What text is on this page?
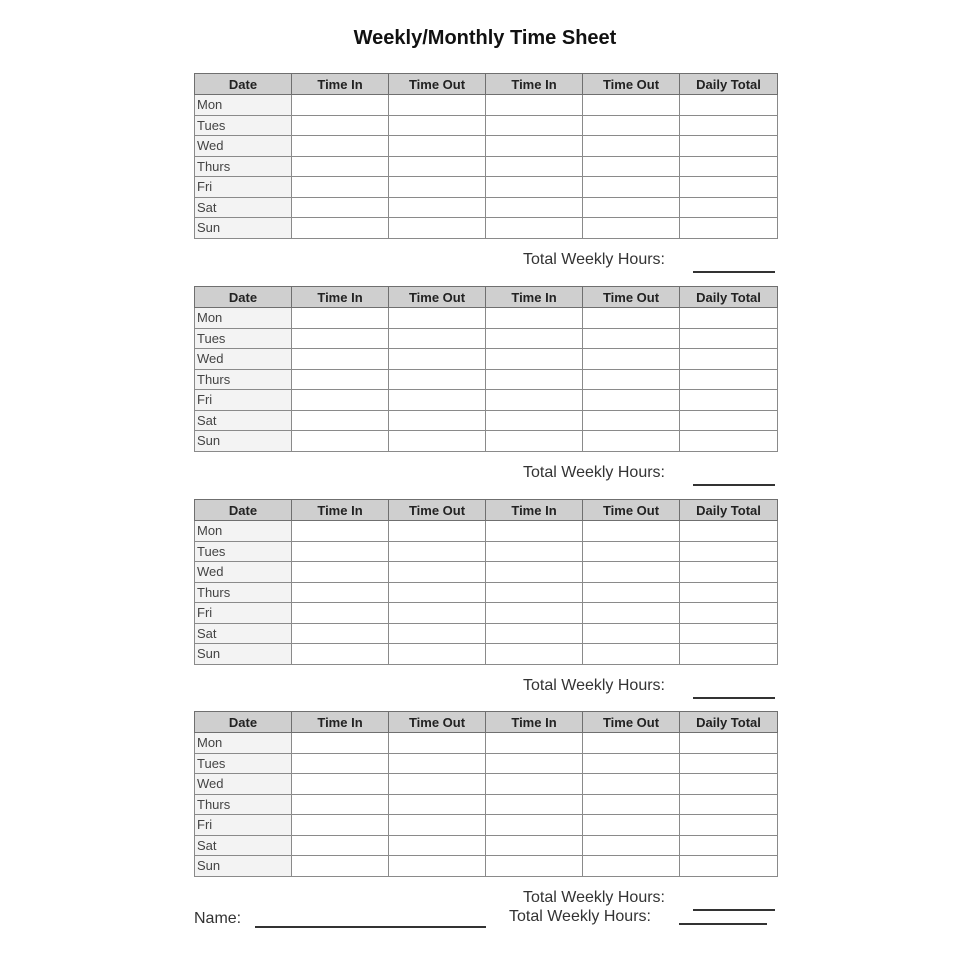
Weekly/Monthly Time Sheet
Date	Time In	Time Out	Time In	Time Out	Daily Total
Mon					
Tues					
Wed					
Thurs					
Fri					
Sat					
Sun					
Total Weekly Hours:
Date	Time In	Time Out	Time In	Time Out	Daily Total
Mon					
Tues					
Wed					
Thurs					
Fri					
Sat					
Sun					
Total Weekly Hours:
Date	Time In	Time Out	Time In	Time Out	Daily Total
Mon					
Tues					
Wed					
Thurs					
Fri					
Sat					
Sun					
Total Weekly Hours:
Date	Time In	Time Out	Time In	Time Out	Daily Total
Mon					
Tues					
Wed					
Thurs					
Fri					
Sat					
Sun					
Total Weekly Hours:
Name:	Total Weekly Hours:
